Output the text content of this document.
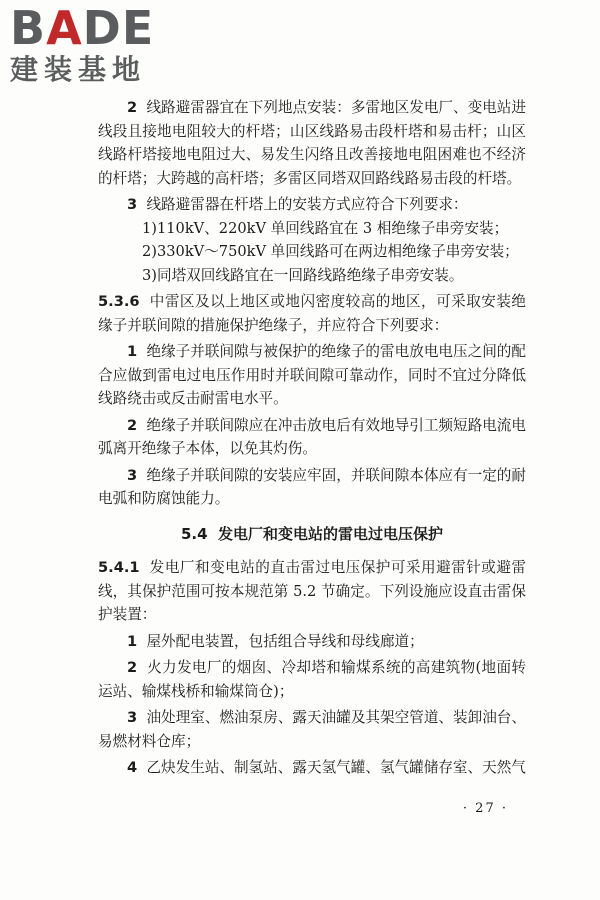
BADE
建装基地

2 线路避雷器宜在下列地点安装：多雷地区发电厂、变电站进线段且接地电阻较大的杆塔；山区线路易击段杆塔和易击杆；山区线路杆塔接地电阻过大、易发生闪络且改善接地电阻困难也不经济的杆塔；大跨越的高杆塔；多雷区同塔双回路线路易击段的杆塔。

3 线路避雷器在杆塔上的安装方式应符合下列要求：

1)110kV、220kV 单回线路宜在 3 相绝缘子串旁安装；

2)330kV～750kV 单回线路可在两边相绝缘子串旁安装；

3)同塔双回线路宜在一回路线路绝缘子串旁安装。

5.3.6 中雷区及以上地区或地闪密度较高的地区，可采取安装绝缘子并联间隙的措施保护绝缘子，并应符合下列要求：

1 绝缘子并联间隙与被保护的绝缘子的雷电放电电压之间的配合应做到雷电过电压作用时并联间隙可靠动作，同时不宜过分降低线路绕击或反击耐雷电水平。

2 绝缘子并联间隙应在冲击放电后有效地导引工频短路电流电弧离开绝缘子本体，以免其灼伤。

3 绝缘子并联间隙的安装应牢固，并联间隙本体应有一定的耐电弧和防腐蚀能力。

5.4 发电厂和变电站的雷电过电压保护

5.4.1 发电厂和变电站的直击雷过电压保护可采用避雷针或避雷线，其保护范围可按本规范第 5.2 节确定。下列设施应设直击雷保护装置：

1 屋外配电装置，包括组合导线和母线廊道；

2 火力发电厂的烟囱、冷却塔和输煤系统的高建筑物(地面转运站、输煤栈桥和输煤筒仓)；

3 油处理室、燃油泵房、露天油罐及其架空管道、装卸油台、易燃材料仓库；

4 乙炔发生站、制氢站、露天氢气罐、氢气罐储存室、天然气

· 27 ·
